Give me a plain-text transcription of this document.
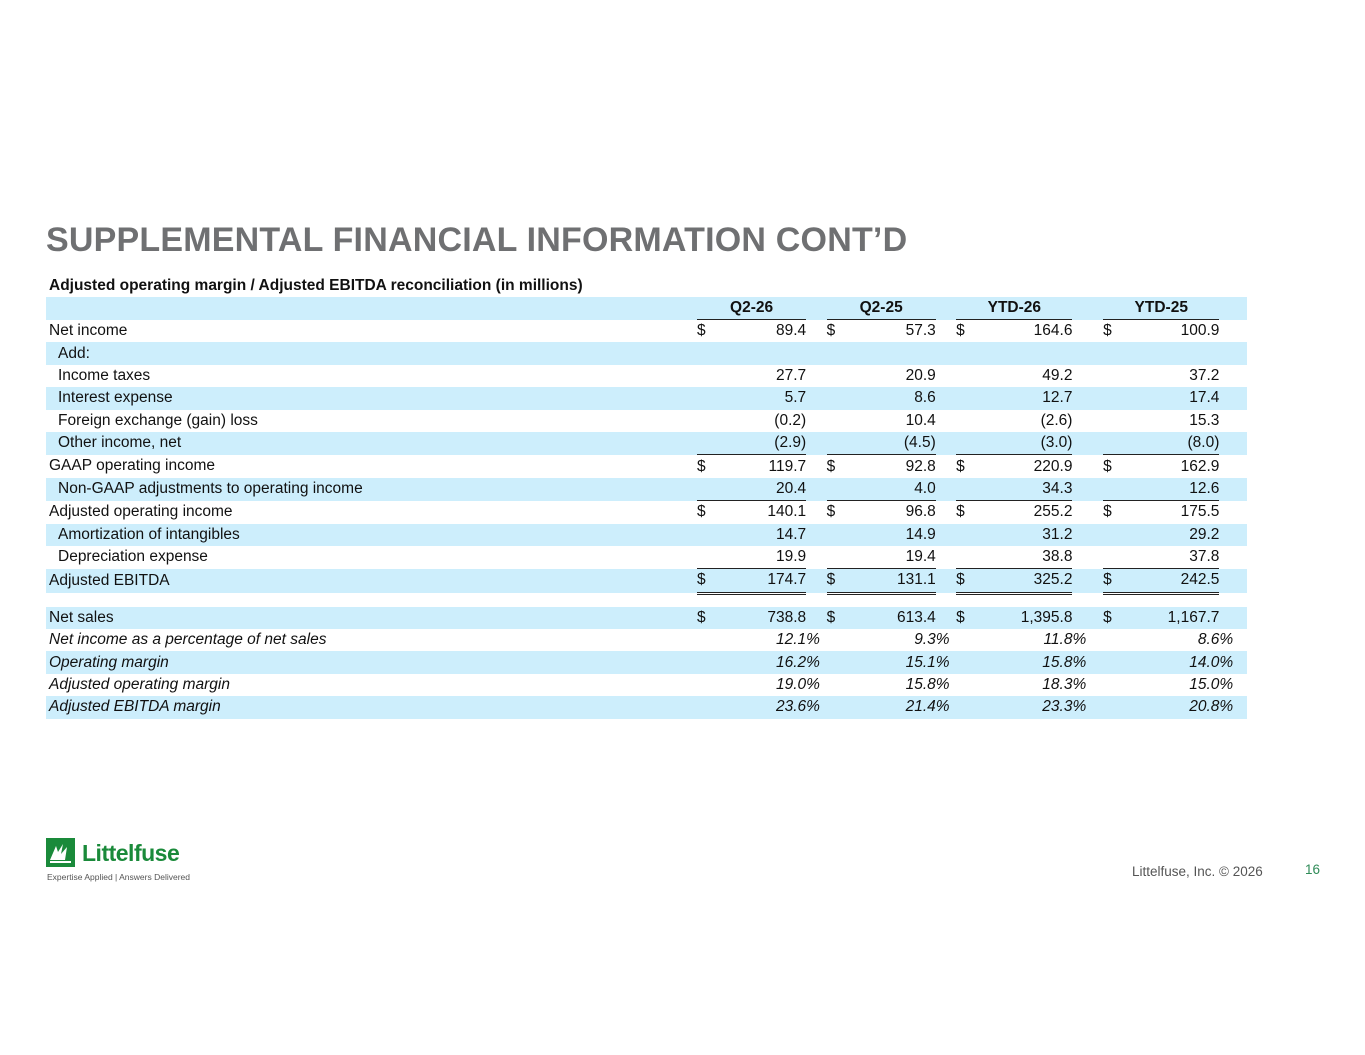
SUPPLEMENTAL FINANCIAL INFORMATION CONT’D
Adjusted operating margin / Adjusted EBITDA reconciliation (in millions)
	Q2-26			Q2-25			YTD-26			YTD-25		
Net income	$	89.4		$	57.3		$	164.6		$	100.9	
Add:												
Income taxes		27.7			20.9			49.2			37.2	
Interest expense		5.7			8.6			12.7			17.4	
Foreign exchange (gain) loss		(0.2)			10.4			(2.6)			15.3	
Other income, net		(2.9)			(4.5)			(3.0)			(8.0)	
GAAP operating income	$	119.7		$	92.8		$	220.9		$	162.9	
Non-GAAP adjustments to operating income		20.4			4.0			34.3			12.6	
Adjusted operating income	$	140.1		$	96.8		$	255.2		$	175.5	
Amortization of intangibles		14.7			14.9			31.2			29.2	
Depreciation expense		19.9			19.4			38.8			37.8	
Adjusted EBITDA	$	174.7		$	131.1		$	325.2		$	242.5	

Net sales	$	738.8		$	613.4		$	1,395.8		$	1,167.7	
Net income as a percentage of net sales		12.1	%		9.3	%		11.8	%		8.6	%
Operating margin		16.2	%		15.1	%		15.8	%		14.0	%
Adjusted operating margin		19.0	%		15.8	%		18.3	%		15.0	%
Adjusted EBITDA margin		23.6	%		21.4	%		23.3	%		20.8	%
Littelfuse
Expertise Applied | Answers Delivered	Littelfuse, Inc. © 2026	16
